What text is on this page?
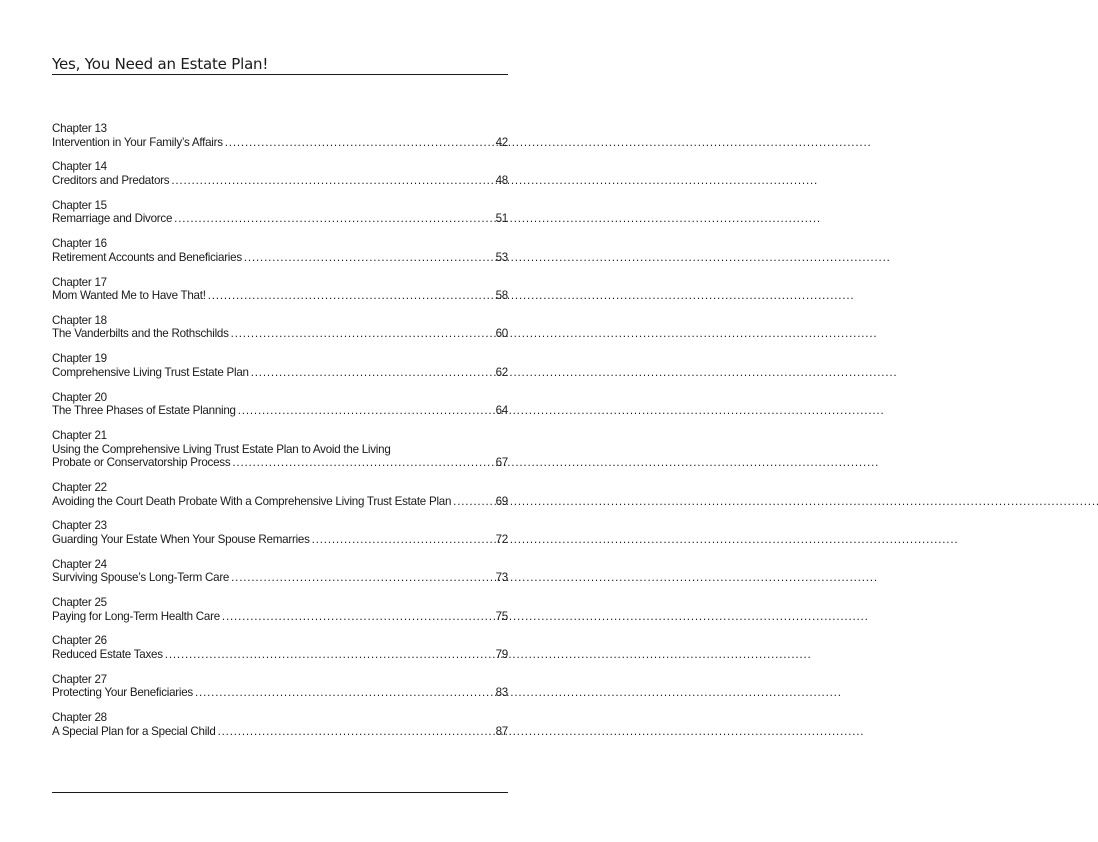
Yes, You Need an Estate Plan!
Chapter 13
Intervention in Your Family’s Affairs . . .	42
Chapter 14
Creditors and Predators . . .	48
Chapter 15
Remarriage and Divorce . . .	51
Chapter 16
Retirement Accounts and Beneficiaries . . .	53
Chapter 17
Mom Wanted Me to Have That! . . .	58
Chapter 18
The Vanderbilts and the Rothschilds . . .	60
Chapter 19
Comprehensive Living Trust Estate Plan . . .	62
Chapter 20
The Three Phases of Estate Planning . . .	64
Chapter 21
Using the Comprehensive Living Trust Estate Plan to Avoid the Living
Probate or Conservatorship Process . . .	67
Chapter 22
Avoiding the Court Death Probate With a Comprehensive Living Trust Estate Plan . . .	69
Chapter 23
Guarding Your Estate When Your Spouse Remarries . . .	72
Chapter 24
Surviving Spouse’s Long-Term Care . . .	73
Chapter 25
Paying for Long-Term Health Care . . .	75
Chapter 26
Reduced Estate Taxes . . .	79
Chapter 27
Protecting Your Beneficiaries . . .	83
Chapter 28
A Special Plan for a Special Child . . .	87
